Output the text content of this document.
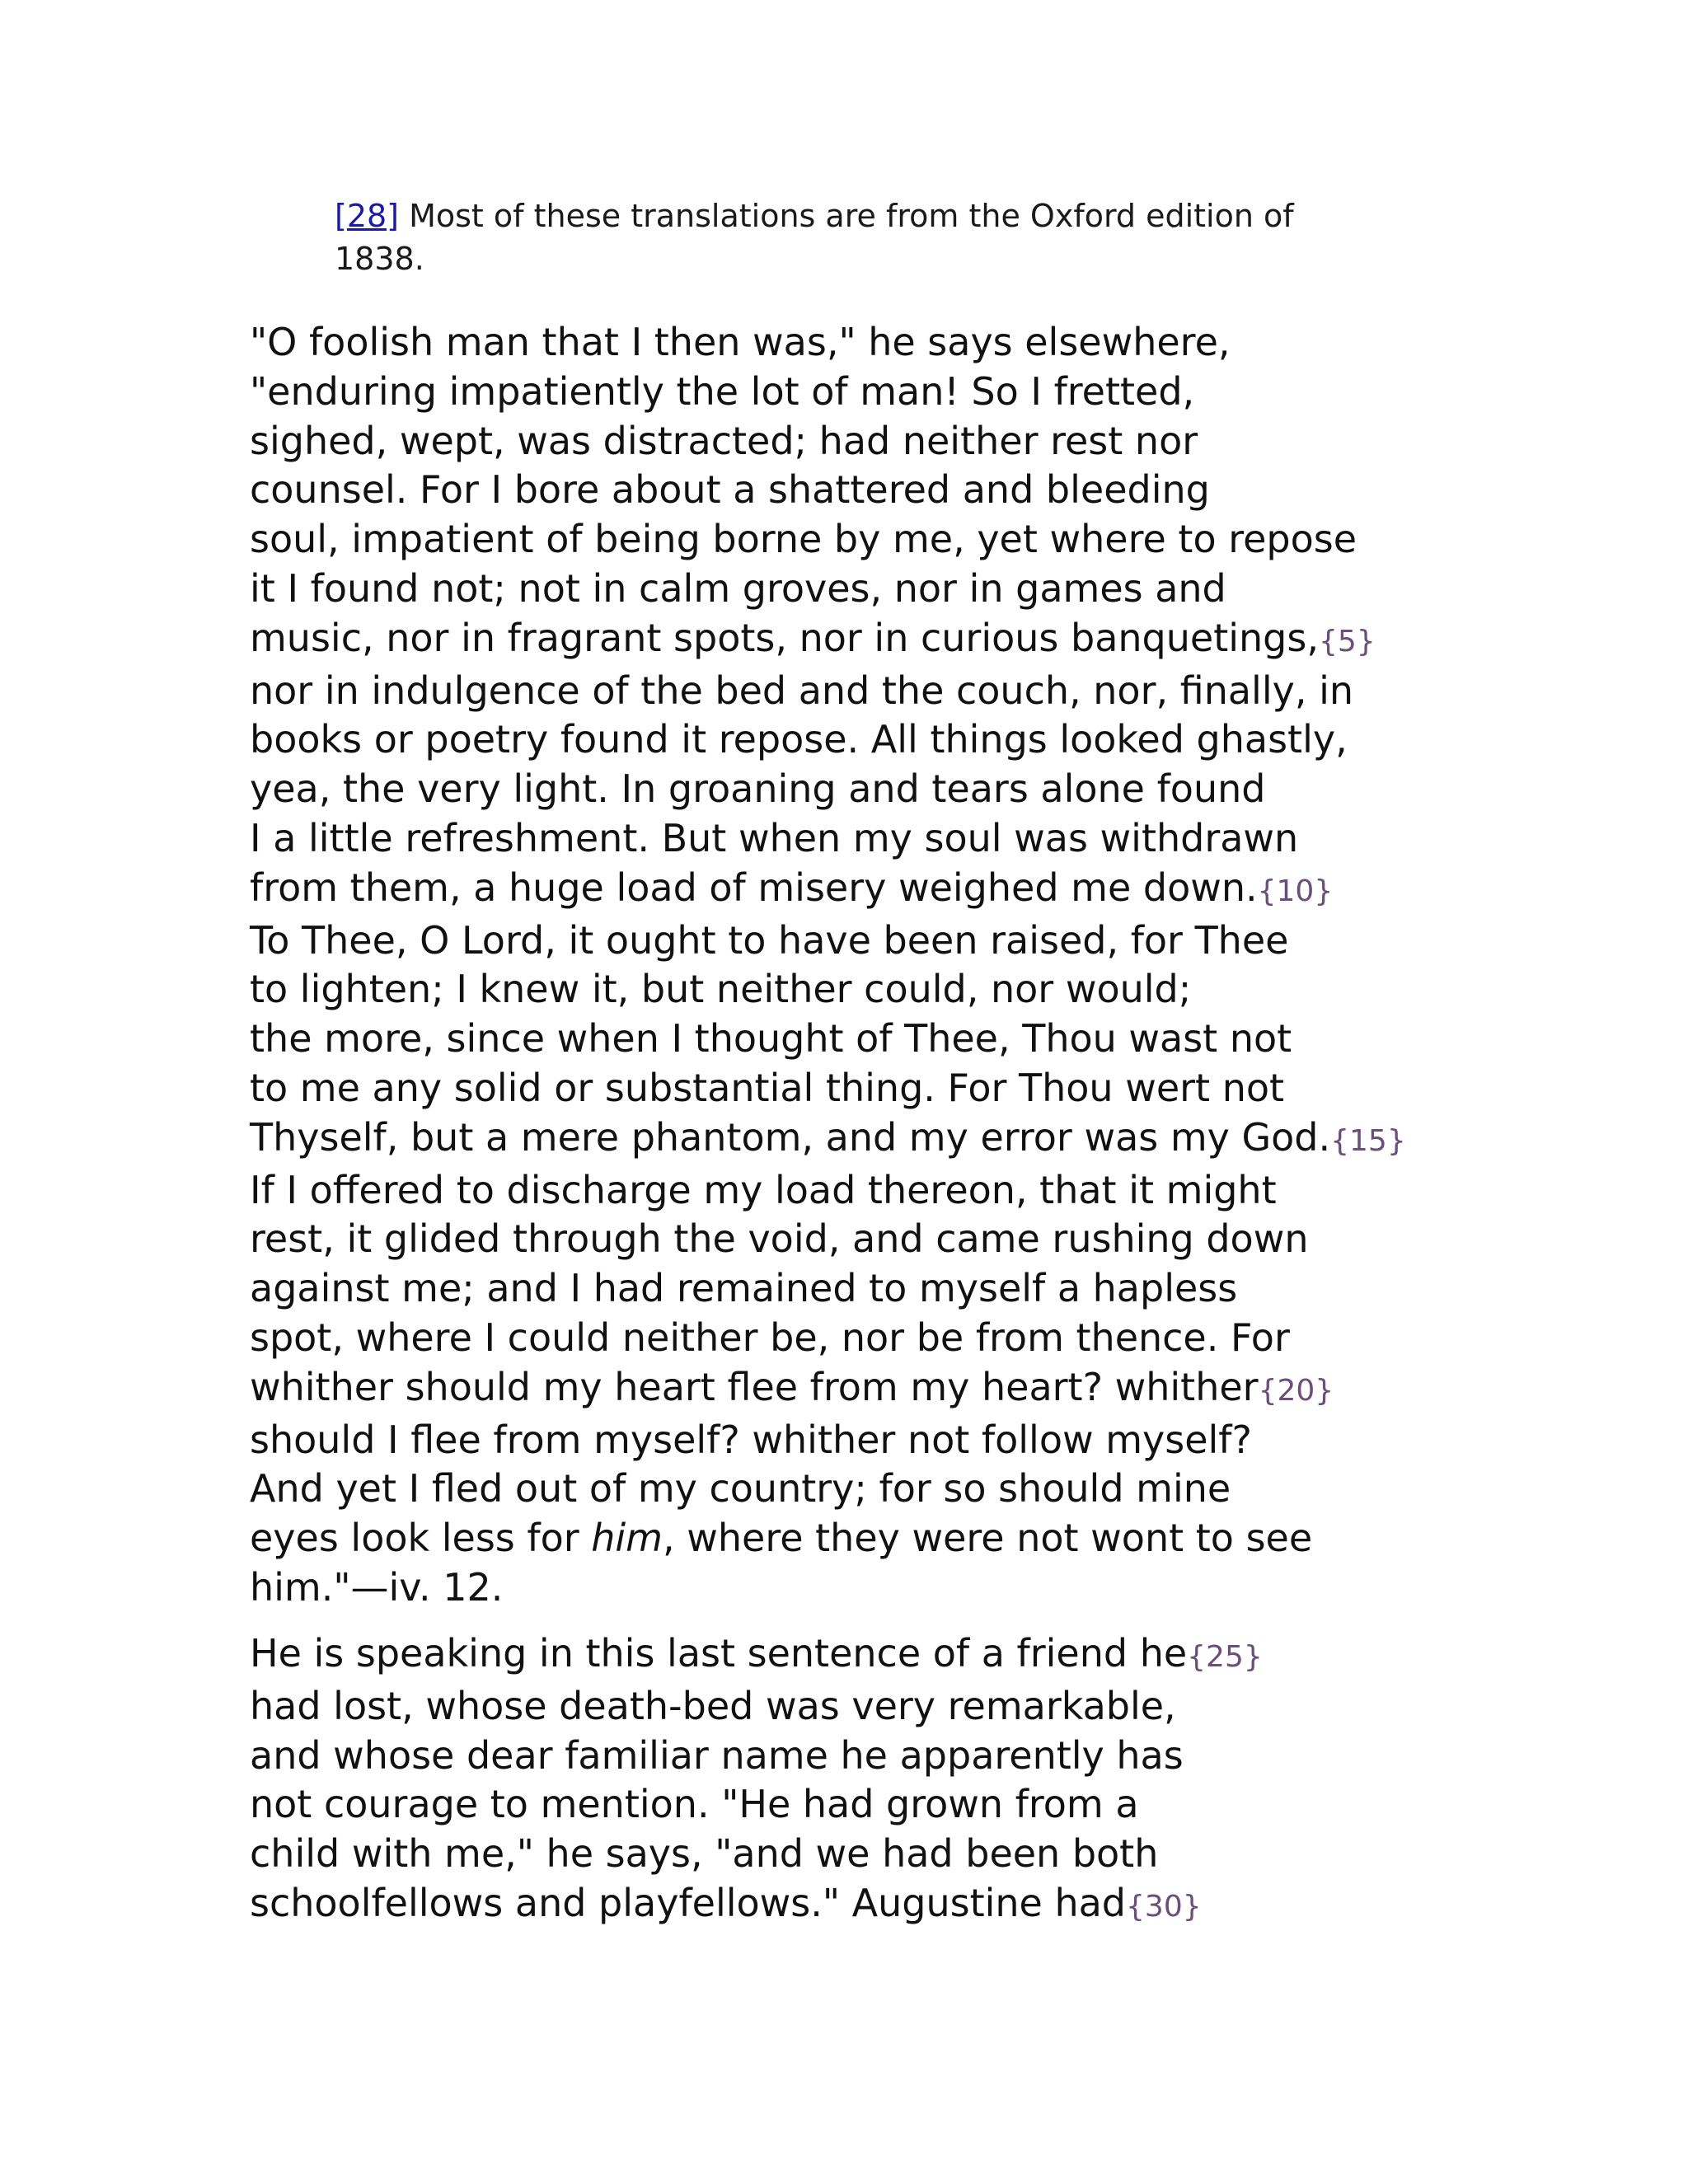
[28] Most of these translations are from the Oxford edition of
1838.
"O foolish man that I then was," he says elsewhere,
"enduring impatiently the lot of man! So I fretted,
sighed, wept, was distracted; had neither rest nor
counsel. For I bore about a shattered and bleeding
soul, impatient of being borne by me, yet where to repose
it I found not; not in calm groves, nor in games and
music, nor in fragrant spots, nor in curious banquetings,{5}
nor in indulgence of the bed and the couch, nor, finally, in
books or poetry found it repose. All things looked ghastly,
yea, the very light. In groaning and tears alone found
I a little refreshment. But when my soul was withdrawn
from them, a huge load of misery weighed me down.{10}
To Thee, O Lord, it ought to have been raised, for Thee
to lighten; I knew it, but neither could, nor would;
the more, since when I thought of Thee, Thou wast not
to me any solid or substantial thing. For Thou wert not
Thyself, but a mere phantom, and my error was my God.{15}
If I offered to discharge my load thereon, that it might
rest, it glided through the void, and came rushing down
against me; and I had remained to myself a hapless
spot, where I could neither be, nor be from thence. For
whither should my heart flee from my heart? whither{20}
should I flee from myself? whither not follow myself?
And yet I fled out of my country; for so should mine
eyes look less for him, where they were not wont to see
him."—iv. 12.
He is speaking in this last sentence of a friend he{25}
had lost, whose death-bed was very remarkable,
and whose dear familiar name he apparently has
not courage to mention. "He had grown from a
child with me," he says, "and we had been both
schoolfellows and playfellows." Augustine had{30}
